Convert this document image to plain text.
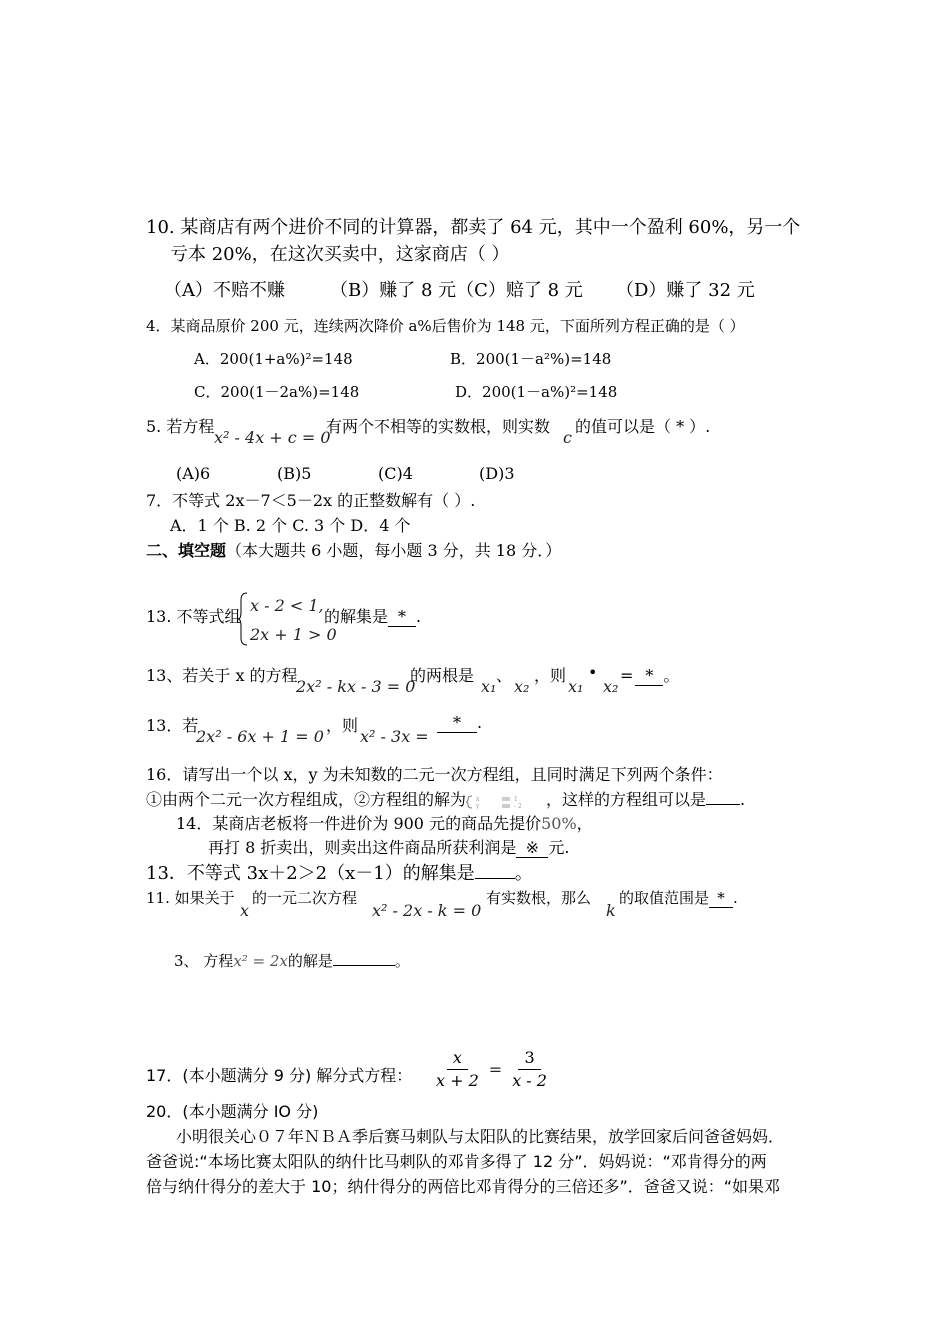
10. 某商店有两个进价不同的计算器，都卖了 64 元，其中一个盈利 60%，另一个
亏本 20%，在这次买卖中，这家商店（ ）
（A）不赔不赚	（B）赚了 8 元（C）赔了 8 元 （D）赚了 32 元
4．某商品原价 200 元，连续两次降价 a%后售价为 148 元，下面所列方程正确的是（ ）
A．200(1+a%)²=148	B．200(1－a²%)=148
C．200(1－2a%)=148	D．200(1－a%)²=148
5. 若方程
x² - 4x + c = 0
有两个不相等的实数根，则实数
c
的值可以是（ * ）.
(A)6	(B)5	(C)4	(D)3
7．不等式 2x－7＜5－2x 的正整数解有（ ）.
A．1 个 B. 2 个 C. 3 个 D．4 个
二、填空题（本大题共 6 小题，每小题 3 分，共 18 分．）
13. 不等式组
x - 2 < 1,
2x + 1 > 0
的解集是 * .
13、若关于 x 的方程
2x² - kx - 3 = 0
的两根是
x₁
、
x₂
，则
x₁
•
x₂
= * 。
13．若
2x² - 6x + 1 = 0
，则
x² - 3x =
* .
16．请写出一个以 x，y 为未知数的二元一次方程组，且同时满足下列两个条件：
①由两个二元一次方程组成，②方程组的解为 x
y
1
- 2 ，这样的方程组可以是 .
14．某商店老板将一件进价为 900 元的商品先提价50%，
再打 8 折卖出，则卖出这件商品所获利润是 ※ 元.
13．不等式 3x＋2＞2（x－1）的解集是 。
11. 如果关于
x
的一元二次方程
x² - 2x - k = 0
有实数根，那么
k
的取值范围是 * .
3、 方程x² = 2x的解是	。
17．(本小题满分 9 分) 解分式方程： $\frac{x}{x + 2} = \frac{3}{x - 2}$
20．(本小题满分 IO 分)
小明很关心０７年ＮＢＡ季后赛马刺队与太阳队的比赛结果，放学回家后问爸爸妈妈．
爸爸说:“本场比赛太阳队的纳什比马刺队的邓肯多得了 12 分”．妈妈说：“邓肯得分的两
倍与纳什得分的差大于 10；纳什得分的两倍比邓肯得分的三倍还多”．爸爸又说：“如果邓
